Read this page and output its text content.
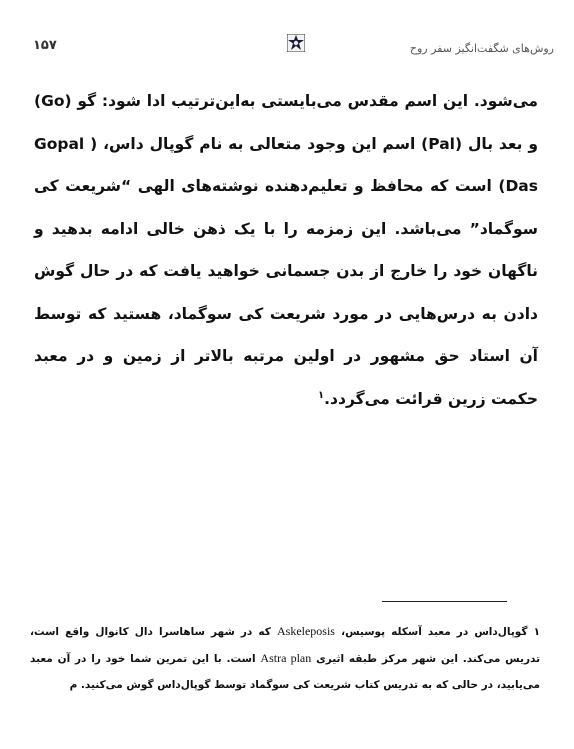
۱۵۷	روش‌های شگفت‌انگیز سفر روح
می‌شود. این اسم مقدس می‌بایستی به‌این‌ترتیب ادا شود: گو (Go) و بعد بال (Pal) اسم این وجود متعالی به نام گوپال داس، ( Gopal Das) است که محافظ و تعلیم‌دهنده نوشته‌های الهی “شریعت کی سوگماد” می‌باشد. این زمزمه را با یک ذهن خالی ادامه بدهید و ناگهان خود را خارج از بدن جسمانی خواهید یافت که در حال گوش دادن به درس‌هایی در مورد شریعت کی سوگماد، هستید که توسط آن استاد حق مشهور در اولین مرتبه بالاتر از زمین و در معبد حکمت زرین قرائت می‌گردد.$^۱$
۱ گوپال‌داس در معبد آسکله پوسیس، Askeleposis که در شهر ساهاسرا دال کانوال واقع است، تدریس می‌کند. این شهر مرکز طبقه اثیری Astra plan است. با این تمرین شما خود را در آن معبد می‌یابید، در حالی که به تدریس کتاب شریعت کی سوگماد توسط گوپال‌داس گوش می‌کنید. م
